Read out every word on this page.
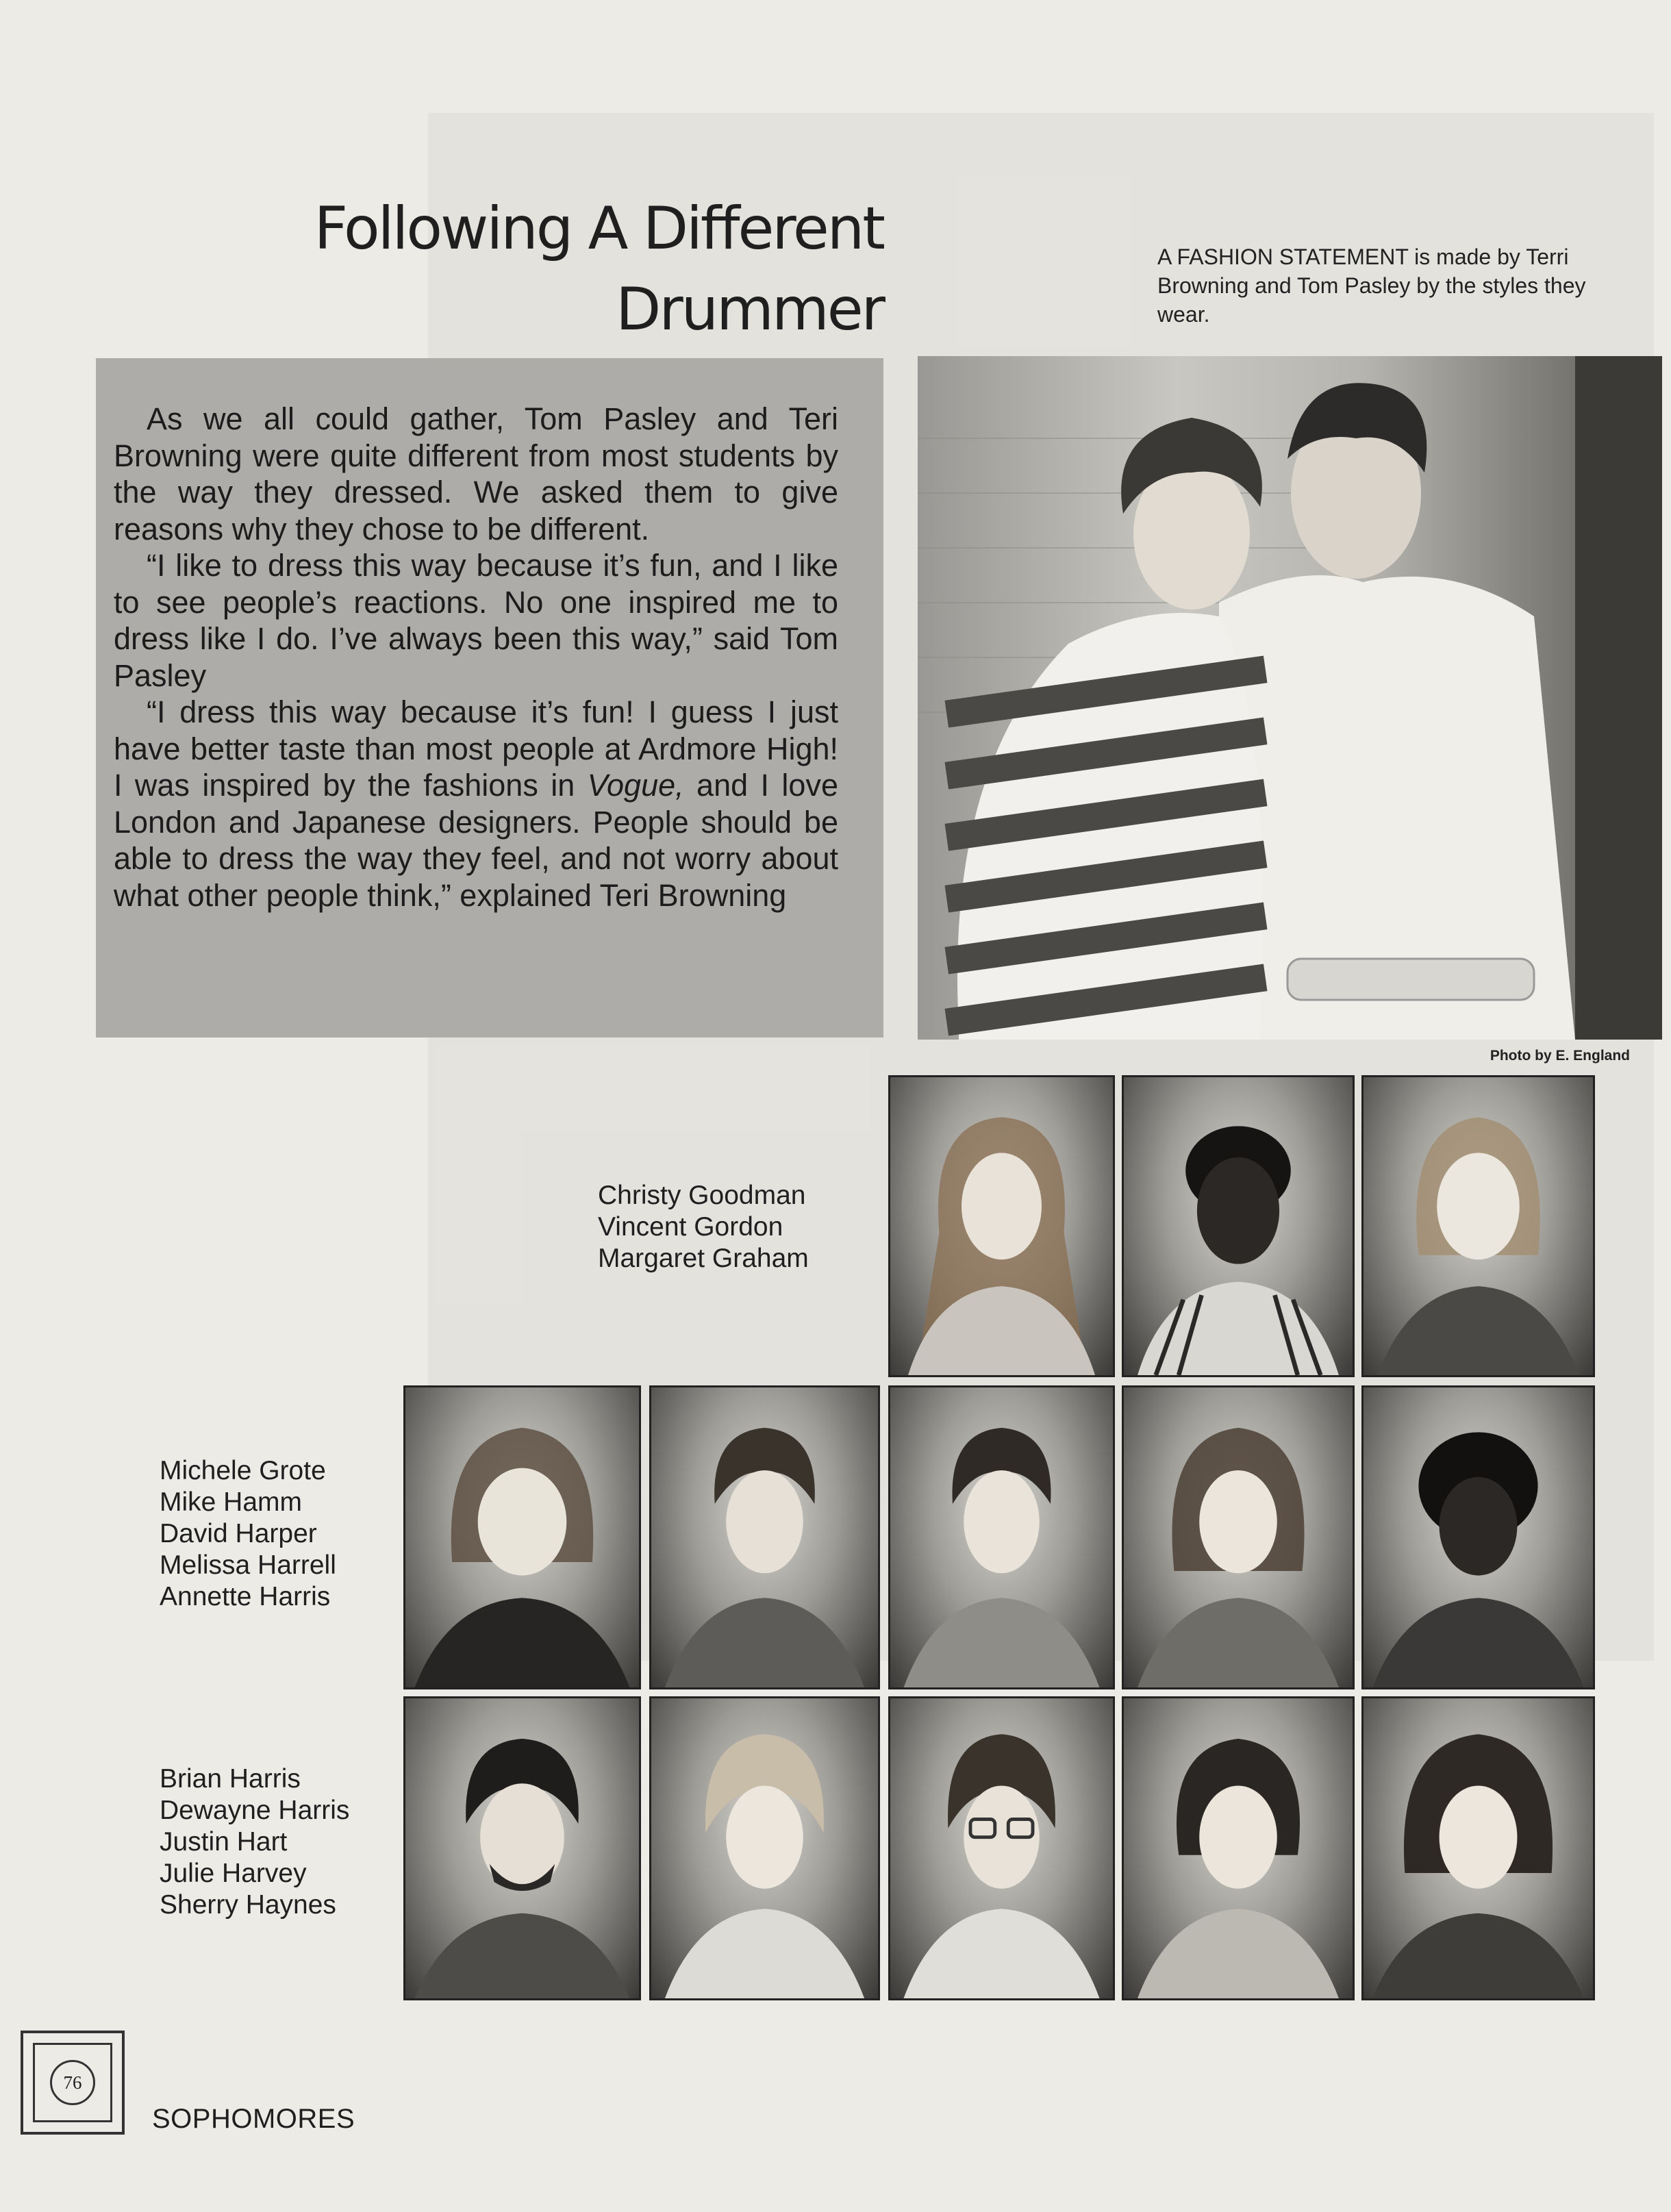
Following A Different
Drummer
A FASHION STATEMENT is made by Terri Browning and Tom Pasley by the styles they wear.

As we all could gather, Tom Pasley and Teri Browning were quite different from most students by the way they dressed. We asked them to give reasons why they chose to be different.

“I like to dress this way because it’s fun, and I like to see people’s reactions. No one inspired me to dress like I do. I’ve always been this way,” said Tom Pasley

“I dress this way because it’s fun! I guess I just have better taste than most people at Ardmore High! I was inspired by the fashions in Vogue, and I love London and Japanese designers. People should be able to dress the way they feel, and not worry about what other people think,” explained Teri Browning

Photo by E. England
Christy Goodman
Vincent Gordon
Margaret Graham
Michele Grote
Mike Hamm
David Harper
Melissa Harrell
Annette Harris
Brian Harris
Dewayne Harris
Justin Hart
Julie Harvey
Sherry Haynes
76
SOPHOMORES
